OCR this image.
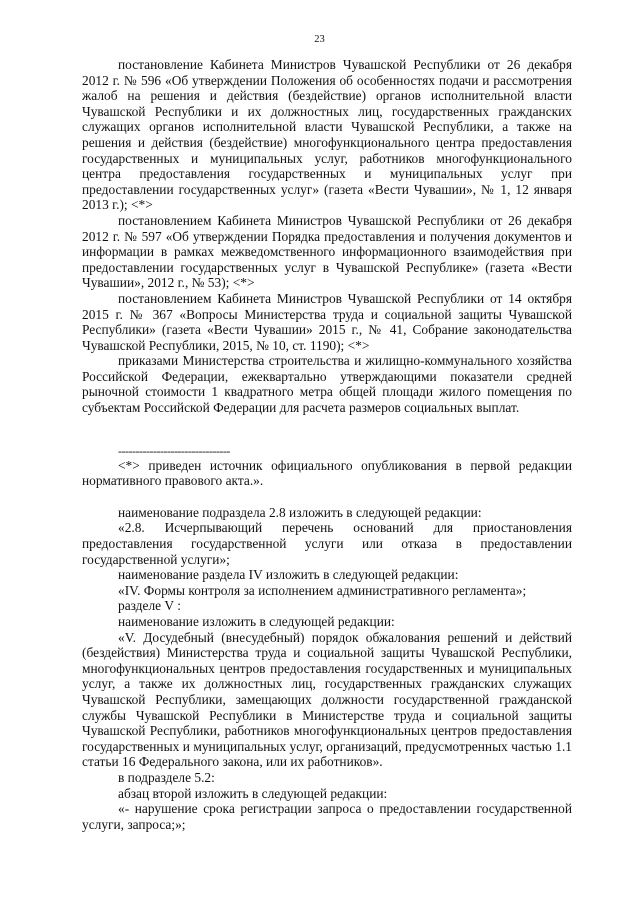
23

постановление Кабинета Министров Чувашской Республики от 26 декабря 2012 г. № 596 «Об утверждении Положения об особенностях подачи и рассмотрения жалоб на решения и действия (бездействие) органов исполнительной власти Чувашской Республики и их должностных лиц, государственных гражданских служащих органов исполнительной власти Чувашской Республики, а также на решения и действия (бездействие) многофункционального центра предоставления государственных и муниципальных услуг, работников многофункционального центра предоставления государственных и муниципальных услуг при предоставлении государственных услуг» (газета «Вести Чувашии», № 1, 12 января 2013 г.); <*>

постановлением Кабинета Министров Чувашской Республики от 26 декабря 2012 г. № 597 «Об утверждении Порядка предоставления и получения документов и информации в рамках межведомственного информационного взаимодействия при предоставлении государственных услуг в Чувашской Республике» (газета «Вести Чувашии», 2012 г., № 53); <*>

постановлением Кабинета Министров Чувашской Республики от 14 октября 2015 г. № 367 «Вопросы Министерства труда и социальной защиты Чувашской Республики» (газета «Вести Чувашии» 2015 г., № 41, Собрание законодательства Чувашской Республики, 2015, № 10, ст. 1190); <*>

приказами Министерства строительства и жилищно-коммунального хозяйства Российской Федерации, ежеквартально утверждающими показатели средней рыночной стоимости 1 квадратного метра общей площади жилого помещения по субъектам Российской Федерации для расчета размеров социальных выплат.

--------------------------------

<*> приведен источник официального опубликования в первой редакции нормативного правового акта.».

наименование подраздела 2.8 изложить в следующей редакции:

«2.8. Исчерпывающий перечень оснований для приостановления предоставления государственной услуги или отказа в предоставлении государственной услуги»;

наименование раздела IV изложить в следующей редакции:

«IV. Формы контроля за исполнением административного регламента»;

разделе V :

наименование изложить в следующей редакции:

«V. Досудебный (внесудебный) порядок обжалования решений и действий (бездействия) Министерства труда и социальной защиты Чувашской Республики, многофункциональных центров предоставления государственных и муниципальных услуг, а также их должностных лиц, государственных гражданских служащих Чувашской Республики, замещающих должности государственной гражданской службы Чувашской Республики в Министерстве труда и социальной защиты Чувашской Республики, работников многофункциональных центров предоставления государственных и муниципальных услуг, организаций, предусмотренных частью 1.1 статьи 16 Федерального закона, или их работников».

в подразделе 5.2:

абзац второй изложить в следующей редакции:

«- нарушение срока регистрации запроса о предоставлении государственной услуги, запроса;»;
